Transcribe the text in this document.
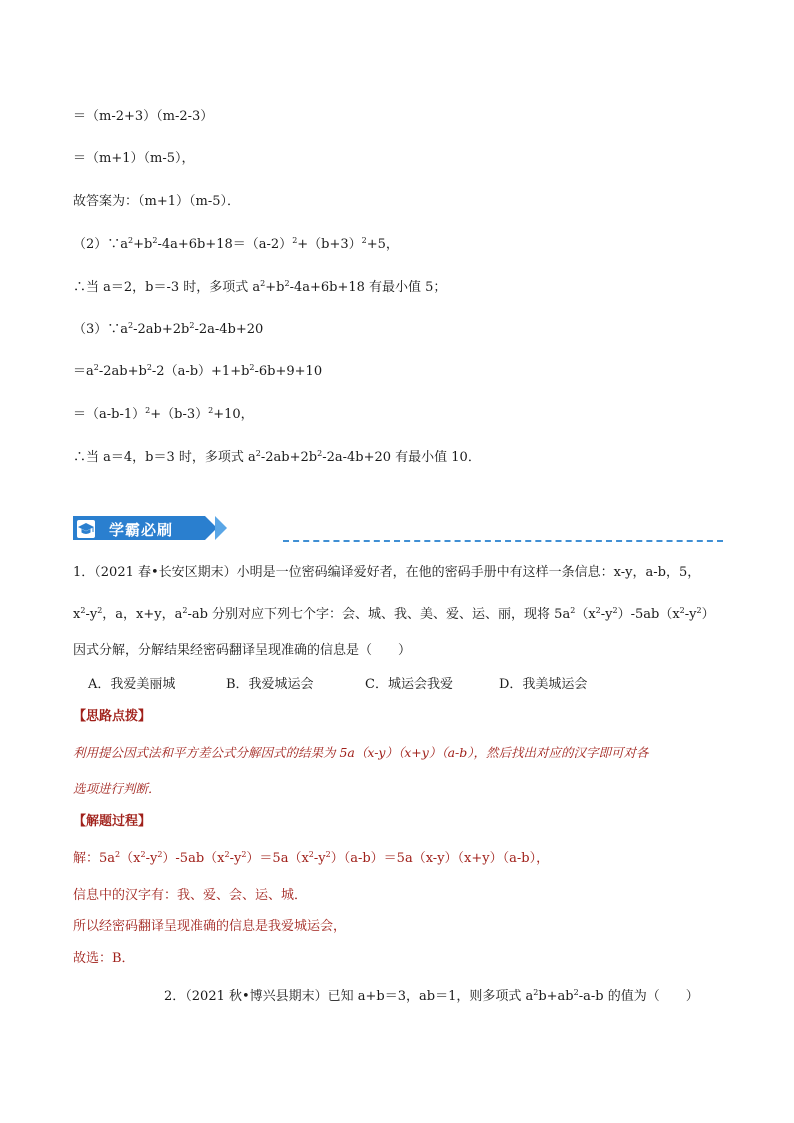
＝（m-2+3）（m-2-3）
＝（m+1）（m-5），
故答案为：（m+1）（m-5）．
$(2)\because a^2+b^2-4a+6b+18=(a-2)^2+(b+3)^2+5$，
∴当 a＝2，b＝-3 时，多项式 $a^2+b^2-4a+6b+18$ 有最小值 5；
$(3)\because a^2-2ab+2b^2-2a-4b+20$
$=a^2-2ab+b^2-2(a-b)+1+b^2-6b+9+10$
$=(a-b-1)^2+(b-3)^2+10$，
∴当 a＝4，b＝3 时，多项式 $a^2-2ab+2b^2-2a-4b+20$ 有最小值 10．
学霸必刷
1．（2021 春•长安区期末）小明是一位密码编译爱好者，在他的密码手册中有这样一条信息：x-y，a-b，5，
$x^2-y^2$，a，x+y，$a^2-ab$ 分别对应下列七个字：会、城、我、美、爱、运、丽，现将 $5a^2(x^2-y^2)-5ab(x^2-y^2)$
因式分解，分解结果经密码翻译呈现准确的信息是（　　）
A．我爱美丽城	B．我爱城运会	C．城运会我爱	D．我美城运会
【思路点拨】
利用提公因式法和平方差公式分解因式的结果为 5a（x-y）（x+y）（a-b），然后找出对应的汉字即可对各
选项进行判断．
【解题过程】
解：$5a^2(x^2-y^2)-5ab(x^2-y^2)=5a(x^2-y^2)(a-b)=5a(x-y)(x+y)(a-b)$，
信息中的汉字有：我、爱、会、运、城．
所以经密码翻译呈现准确的信息是我爱城运会，
故选：B．
2．（2021 秋•博兴县期末）已知 a+b＝3，ab＝1，则多项式 $a^2b+ab^2-a-b$ 的值为（　　）
